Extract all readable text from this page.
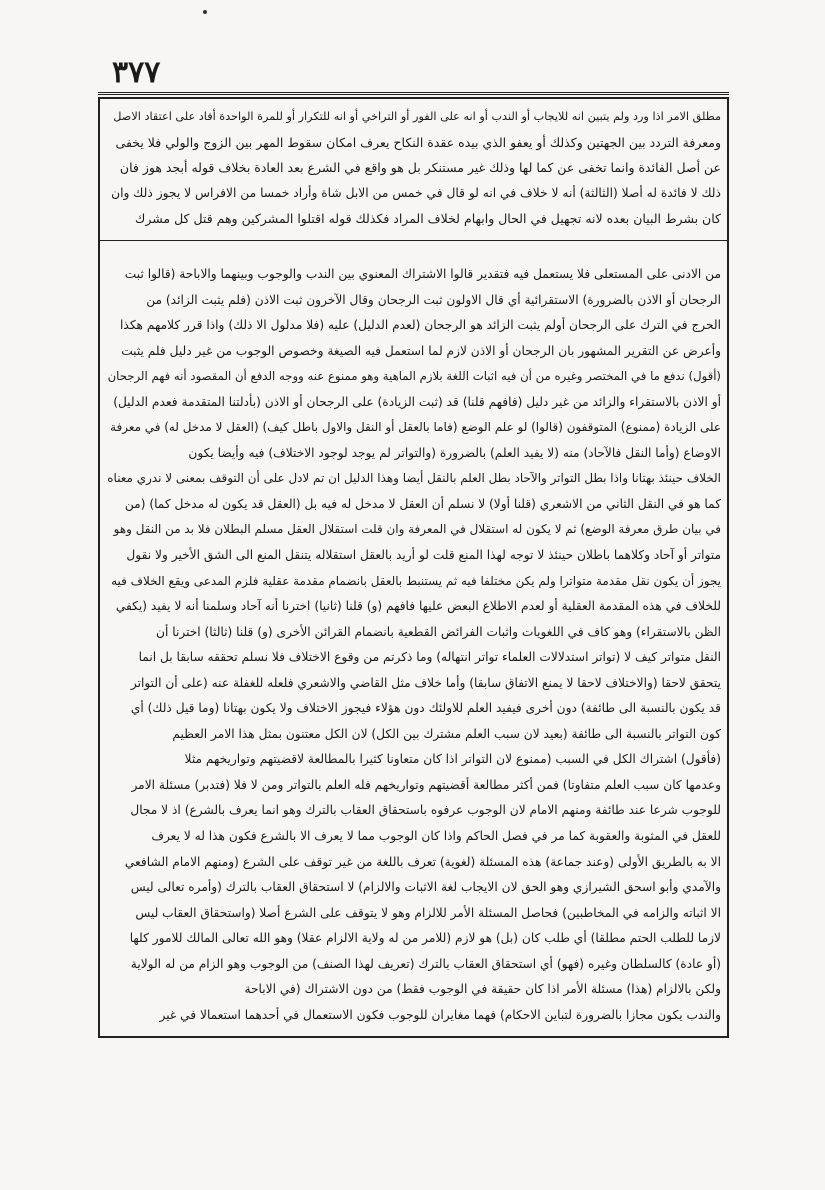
٣٧٧
مطلق الامر اذا ورد ولم يتبين انه للايجاب أو الندب أو انه على الفور أو التراخي أو انه للتكرار أو للمرة الواحدة أفاد على اعتقاد الاصل
ومعرفة التردد بين الجهتين وكذلك أو يعفو الذي بيده عقدة النكاح يعرف امكان سقوط المهر بين الزوج والولي فلا يخفى
عن أصل الفائدة وانما تخفى عن كما لها وذلك غير مستنكر بل هو واقع في الشرع بعد العادة بخلاف قوله أبجد هوز فان
ذلك لا فائدة له أصلا (الثالثة) أنه لا خلاف في انه لو قال في خمس من الابل شاة وأراد خمسا من الافراس لا يجوز ذلك وان
كان بشرط البيان بعده لانه تجهيل في الحال وابهام لخلاف المراد فكذلك قوله اقتلوا المشركين وهم قتل كل مشرك
من الادنى على المستعلى فلا يستعمل فيه فتقدير قالوا الاشتراك المعنوي بين الندب والوجوب وبينهما والاباحة (قالوا ثبت
الرجحان أو الاذن بالضرورة) الاستقرائية أي قال الاولون ثبت الرجحان وقال الآخرون ثبت الاذن (فلم يثبت الزائد) من
الحرج في الترك على الرجحان أولم يثبت الزائد هو الرجحان (لعدم الدليل) عليه (فلا مدلول الا ذلك) واذا قرر كلامهم هكذا
وأعرض عن التقرير المشهور بان الرجحان أو الاذن لازم لما استعمل فيه الصيغة وخصوص الوجوب من غير دليل فلم يثبت
(أقول) ندفع ما في المختصر وغيره من أن فيه اثبات اللغة بلازم الماهية وهو ممنوع عنه ووجه الدفع أن المقصود أنه فهم الرجحان
أو الاذن بالاستقراء والزائد من غير دليل (فافهم قلنا) قد (ثبت الزيادة) على الرجحان أو الاذن (بأدلتنا المتقدمة فعدم الدليل)
على الزيادة (ممنوع) المتوقفون (قالوا) لو علم الوضع (فاما بالعقل أو النقل والاول باطل كيف) (العقل لا مدخل له) في معرفة
الاوضاع (وأما النقل فالآحاد) منه (لا يفيد العلم) بالضرورة (والتواتر لم يوجد لوجود الاختلاف) فيه وأيضا يكون
الخلاف حينئذ بهتانا واذا بطل التواتر والآحاد بطل العلم بالنقل أيضا وهذا الدليل ان تم لادل على أن التوقف بمعنى لا ندري معناه
كما هو في النقل الثاني من الاشعري (قلنا أولا) لا نسلم أن العقل لا مدخل له فيه بل (العقل قد يكون له مدخل كما) (من
في بيان طرق معرفة الوضع) ثم لا يكون له استقلال في المعرفة وان قلت استقلال العقل مسلم البطلان فلا بد من النقل وهو
متواتر أو آحاد وكلاهما باطلان حينئذ لا توجه لهذا المنع قلت لو أريد بالعقل استقلاله يتنقل المنع الى الشق الأخير ولا نقول
يجوز أن يكون نقل مقدمة متواترا ولم يكن مختلفا فيه ثم يستنبط بالعقل بانضمام مقدمة عقلية فلزم المدعى ويقع الخلاف فيه
للخلاف في هذه المقدمة العقلية أو لعدم الاطلاع البعض عليها فافهم (و) قلنا (ثانيا) اخترنا أنه آحاد وسلمنا أنه لا يفيد (يكفي
الظن بالاستقراء) وهو كاف في اللغويات واثبات الفرائض القطعية بانضمام القرائن الأخرى (و) قلنا (ثالثا) اخترنا أن
النقل متواتر كيف لا (تواتر استدلالات العلماء تواتر انتهاله) وما ذكرتم من وقوع الاختلاف فلا نسلم تحققه سابقا بل انما
يتحقق لاحقا (والاختلاف لاحقا لا يمنع الاتفاق سابقا) وأما خلاف مثل القاضي والاشعري فلعله للغفلة عنه (على أن التواتر
قد يكون بالنسبة الى طائفة) دون أخرى فيفيد العلم للاولئك دون هؤلاء فيجوز الاختلاف ولا يكون بهتانا (وما قيل ذلك) أي
كون التواتر بالنسبة الى طائفة (بعيد لان سبب العلم مشترك بين الكل) لان الكل معتنون بمثل هذا الامر العظيم
(فأقول) اشتراك الكل في السبب (ممنوع لان التواتر اذا كان متعاونا كثيرا بالمطالعة لاقضيتهم وتواريخهم مثلا
وعدمها كان سبب العلم متفاوتا) فمن أكثر مطالعة أقضيتهم وتواريخهم فله العلم بالتواتر ومن لا فلا (فتدبر) مسئلة الامر
للوجوب شرعا عند طائفة ومنهم الامام لان الوجوب عرفوه باستحقاق العقاب بالترك وهو انما يعرف بالشرع) اذ لا مجال
للعقل في المثوبة والعقوبة كما مر في فصل الحاكم واذا كان الوجوب مما لا يعرف الا بالشرع فكون هذا له لا يعرف
الا به بالطريق الأولى (وعند جماعة) هذه المسئلة (لغوية) تعرف باللغة من غير توقف على الشرع (ومنهم الامام الشافعي
والآمدي وأبو اسحق الشيرازي وهو الحق لان الايجاب لغة الاثبات والالزام) لا استحقاق العقاب بالترك (وأمره تعالى ليس
الا اثباته والزامه في المخاطبين) فحاصل المسئلة الأمر للالزام وهو لا يتوقف على الشرع أصلا (واستحقاق العقاب ليس
لازما للطلب الحتم مطلقا) أي طلب كان (بل) هو لازم (للامر من له ولاية الالزام عقلا) وهو الله تعالى المالك للامور كلها
(أو عادة) كالسلطان وغيره (فهو) أي استحقاق العقاب بالترك (تعريف لهذا الصنف) من الوجوب وهو الزام من له الولاية
ولكن بالالزام (هذا) مسئلة الأمر اذا كان حقيقة في الوجوب فقط) من دون الاشتراك (في الاباحة
والندب يكون مجازا بالضرورة لتباين الاحكام) فهما مغايران للوجوب فكون الاستعمال في أحدهما استعمالا في غير
